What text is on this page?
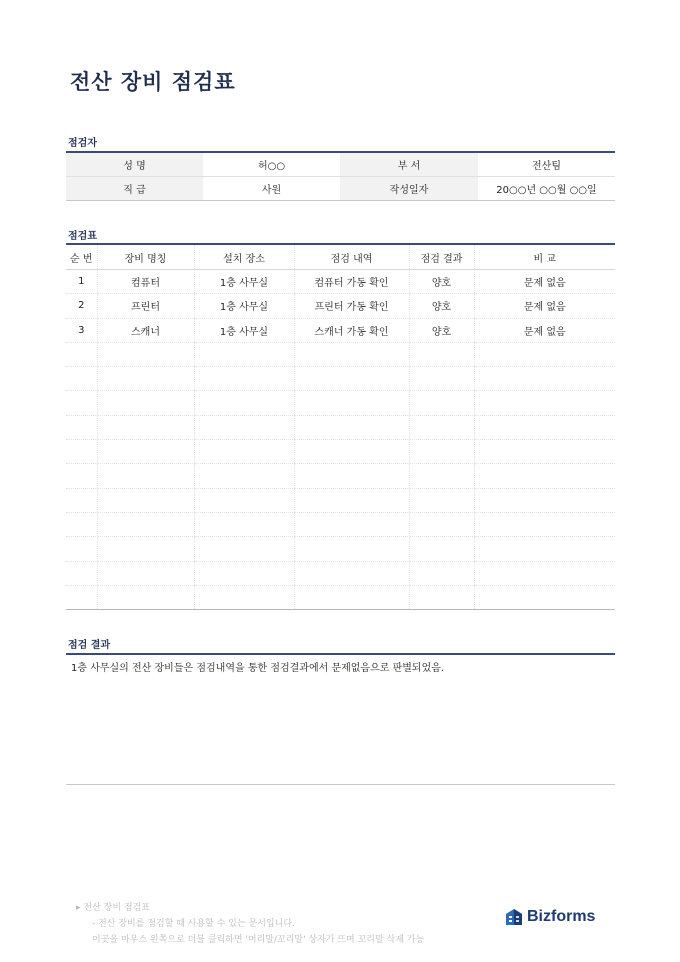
전산 장비 점검표
점검자
성 명	허○○	부 서	전산팀
직 급	사원	작성일자	20○○년 ○○월 ○○일
점검표
순 번	장비 명칭	설치 장소	점검 내역	점검 결과	비 교
1	컴퓨터	1층 사무실	컴퓨터 가동 확인	양호	문제 없음
2	프린터	1층 사무실	프린터 가동 확인	양호	문제 없음
3	스캐너	1층 사무실	스캐너 가동 확인	양호	문제 없음

점검 결과
1층 사무실의 전산 장비들은 점검내역을 통한 점검결과에서 문제없음으로 판별되었음.
▸ 전산 장비 점검표
- 전산 장비를 점검할 때 사용할 수 있는 문서입니다.
이곳을 마우스 왼쪽으로 더블 클릭하면 '머리말/꼬리말' 상자가 뜨며 꼬리말 삭제 가능
Bizforms
